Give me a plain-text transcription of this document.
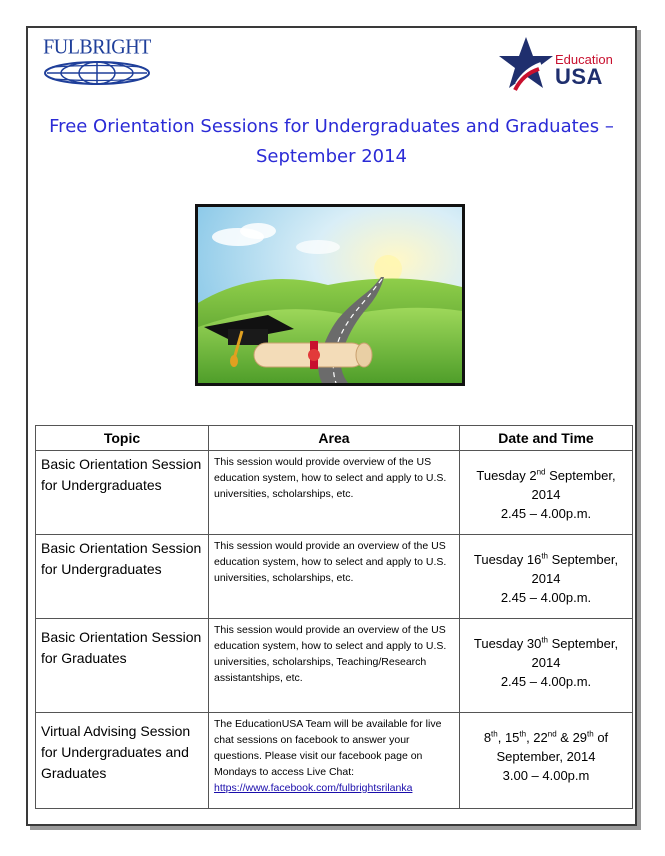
FULBRIGHT
Education
USA
Free Orientation Sessions for Undergraduates and Graduates –
September 2014
Topic	Area	Date and Time
Basic Orientation Session for Undergraduates	This session would provide overview of the US education system, how to select and apply to U.S. universities, scholarships, etc.	Tuesday 2nd September, 2014
2.45 – 4.00p.m.
Basic Orientation Session for Undergraduates	This session would provide an overview of the US education system, how to select and apply to U.S. universities, scholarships, etc.	Tuesday 16th September, 2014
2.45 – 4.00p.m.
Basic Orientation Session for Graduates	This session would provide an overview of the US education system, how to select and apply to U.S. universities, scholarships, Teaching/Research assistantships, etc.	Tuesday 30th September, 2014
2.45 – 4.00p.m.
Virtual Advising Session for Undergraduates and Graduates	The EducationUSA Team will be available for live chat sessions on facebook to answer your questions. Please visit our facebook page on Mondays to access Live Chat: https://www.facebook.com/fulbrightsrilanka	8th, 15th, 22nd & 29th of September, 2014
3.00 – 4.00p.m
